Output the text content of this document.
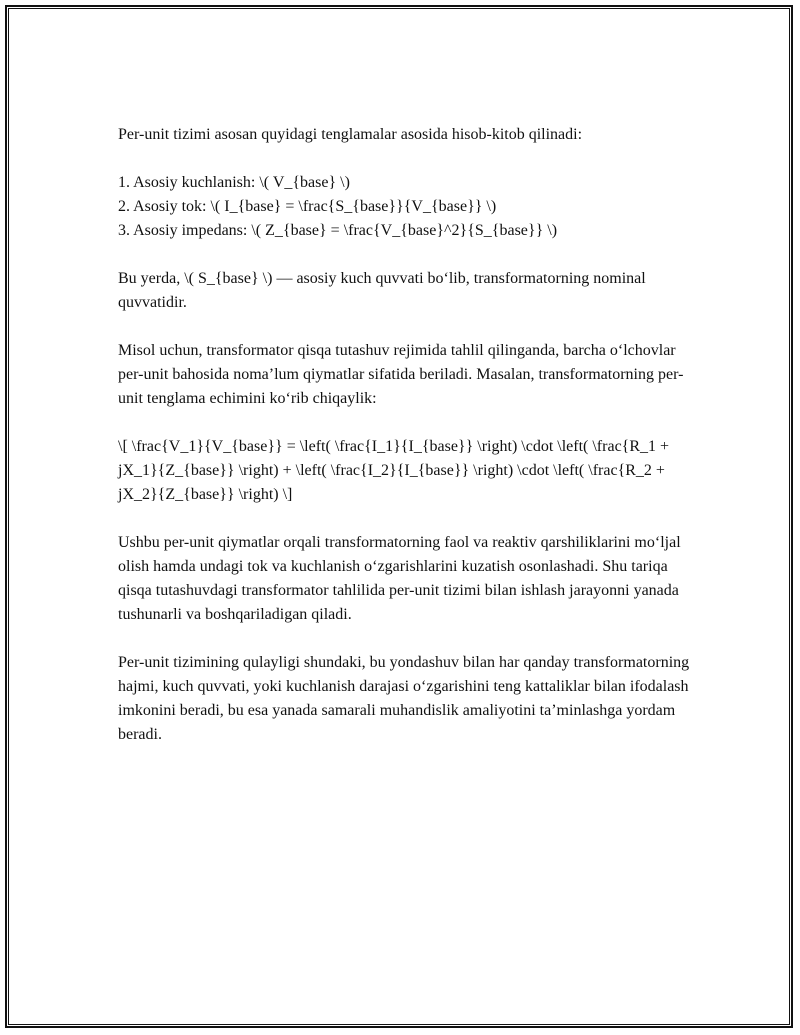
Per-unit tizimi asosan quyidagi tenglamalar asosida hisob-kitob qilinadi:

1. Asosiy kuchlanish: \( V_{base} \)
2. Asosiy tok: \( I_{base} = \frac{S_{base}}{V_{base}} \)
3. Asosiy impedans: \( Z_{base} = \frac{V_{base}^2}{S_{base}} \)

Bu yerda, \( S_{base} \) — asosiy kuch quvvati bo‘lib, transformatorning nominal quvvatidir.

Misol uchun, transformator qisqa tutashuv rejimida tahlil qilinganda, barcha o‘lchovlar per-unit bahosida noma’lum qiymatlar sifatida beriladi. Masalan, transformatorning per-unit tenglama echimini ko‘rib chiqaylik:

\[ \frac{V_1}{V_{base}} = \left( \frac{I_1}{I_{base}} \right) \cdot \left( \frac{R_1 + jX_1}{Z_{base}} \right) + \left( \frac{I_2}{I_{base}} \right) \cdot \left( \frac{R_2 + jX_2}{Z_{base}} \right) \]

Ushbu per-unit qiymatlar orqali transformatorning faol va reaktiv qarshiliklarini mo‘ljal olish hamda undagi tok va kuchlanish o‘zgarishlarini kuzatish osonlashadi. Shu tariqa qisqa tutashuvdagi transformator tahlilida per-unit tizimi bilan ishlash jarayonni yanada tushunarli va boshqariladigan qiladi.

Per-unit tizimining qulayligi shundaki, bu yondashuv bilan har qanday transformatorning hajmi, kuch quvvati, yoki kuchlanish darajasi o‘zgarishini teng kattaliklar bilan ifodalash imkonini beradi, bu esa yanada samarali muhandislik amaliyotini ta’minlashga yordam beradi.
